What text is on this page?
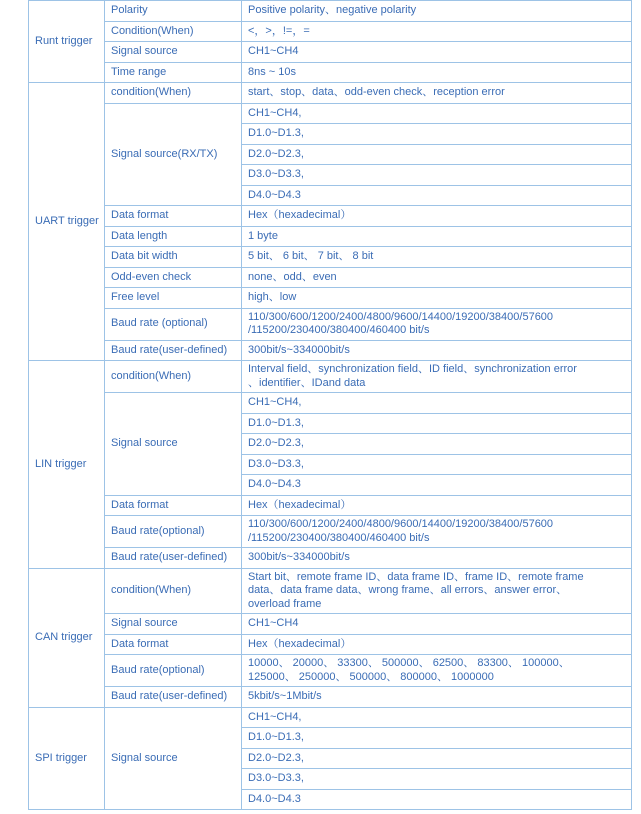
Runt trigger	Polarity	Positive polarity、negative polarity
	Condition(When)	<，>，!=，=
	Signal source	CH1~CH4
	Time range	8ns ~ 10s
UART trigger	condition(When)	start、stop、data、odd-even check、reception error
	Signal source(RX/TX)	CH1~CH4,
		D1.0~D1.3,
		D2.0~D2.3,
		D3.0~D3.3,
		D4.0~D4.3
	Data format	Hex（hexadecimal）
	Data length	1 byte
	Data bit width	5 bit、 6 bit、 7 bit、 8 bit
	Odd-even check	none、odd、even
	Free level	high、low
	Baud rate (optional)	110/300/600/1200/2400/4800/9600/14400/19200/38400/57600
/115200/230400/380400/460400 bit/s
	Baud rate(user-defined)	300bit/s~334000bit/s
LIN trigger	condition(When)	Interval field、synchronization field、ID field、synchronization error
、identifier、IDand data
	Signal source	CH1~CH4,
		D1.0~D1.3,
		D2.0~D2.3,
		D3.0~D3.3,
		D4.0~D4.3
	Data format	Hex（hexadecimal）
	Baud rate(optional)	110/300/600/1200/2400/4800/9600/14400/19200/38400/57600
/115200/230400/380400/460400 bit/s
	Baud rate(user-defined)	300bit/s~334000bit/s
CAN trigger	condition(When)	Start bit、remote frame ID、data frame ID、frame ID、remote frame
data、data frame data、wrong frame、all errors、answer error、
overload frame
	Signal source	CH1~CH4
	Data format	Hex（hexadecimal）
	Baud rate(optional)	10000、 20000、 33300、 500000、 62500、 83300、 100000、
125000、 250000、 500000、 800000、 1000000
	Baud rate(user-defined)	5kbit/s~1Mbit/s
SPI trigger	Signal source	CH1~CH4,
		D1.0~D1.3,
		D2.0~D2.3,
		D3.0~D3.3,
		D4.0~D4.3
